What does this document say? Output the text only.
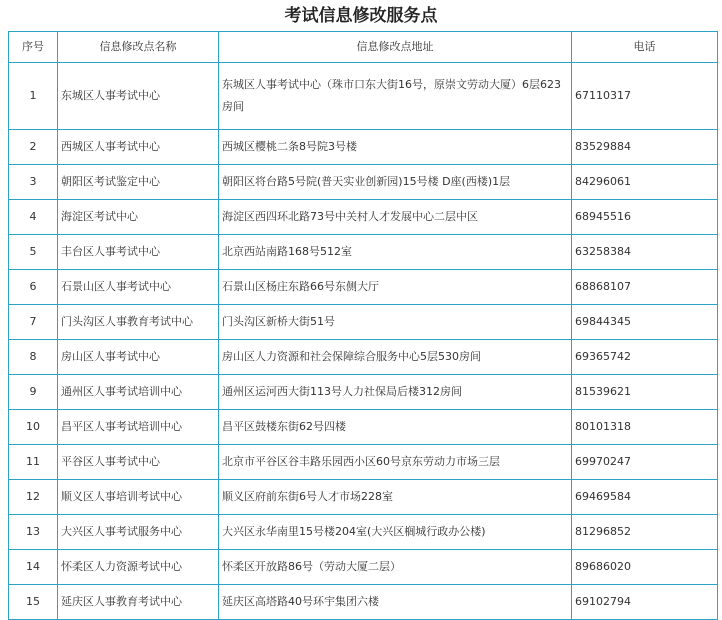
考试信息修改服务点
序号	信息修改点名称	信息修改点地址	电话
1	东城区人事考试中心	东城区人事考试中心（珠市口东大街16号，原崇文劳动大厦）6层623房间	67110317
2	西城区人事考试中心	西城区樱桃二条8号院3号楼	83529884
3	朝阳区考试鉴定中心	朝阳区将台路5号院(普天实业创新园)15号楼 D座(西楼)1层	84296061
4	海淀区考试中心	海淀区西四环北路73号中关村人才发展中心二层中区	68945516
5	丰台区人事考试中心	北京西站南路168号512室	63258384
6	石景山区人事考试中心	石景山区杨庄东路66号东侧大厅	68868107
7	门头沟区人事教育考试中心	门头沟区新桥大街51号	69844345
8	房山区人事考试中心	房山区人力资源和社会保障综合服务中心5层530房间	69365742
9	通州区人事考试培训中心	通州区运河西大街113号人力社保局后楼312房间	81539621
10	昌平区人事考试培训中心	昌平区鼓楼东街62号四楼	80101318
11	平谷区人事考试中心	北京市平谷区谷丰路乐园西小区60号京东劳动力市场三层	69970247
12	顺义区人事培训考试中心	顺义区府前东街6号人才市场228室	69469584
13	大兴区人事考试服务中心	大兴区永华南里15号楼204室(大兴区榈城行政办公楼)	81296852
14	怀柔区人力资源考试中心	怀柔区开放路86号（劳动大厦二层）	89686020
15	延庆区人事教育考试中心	延庆区高塔路40号环宇集团六楼	69102794
